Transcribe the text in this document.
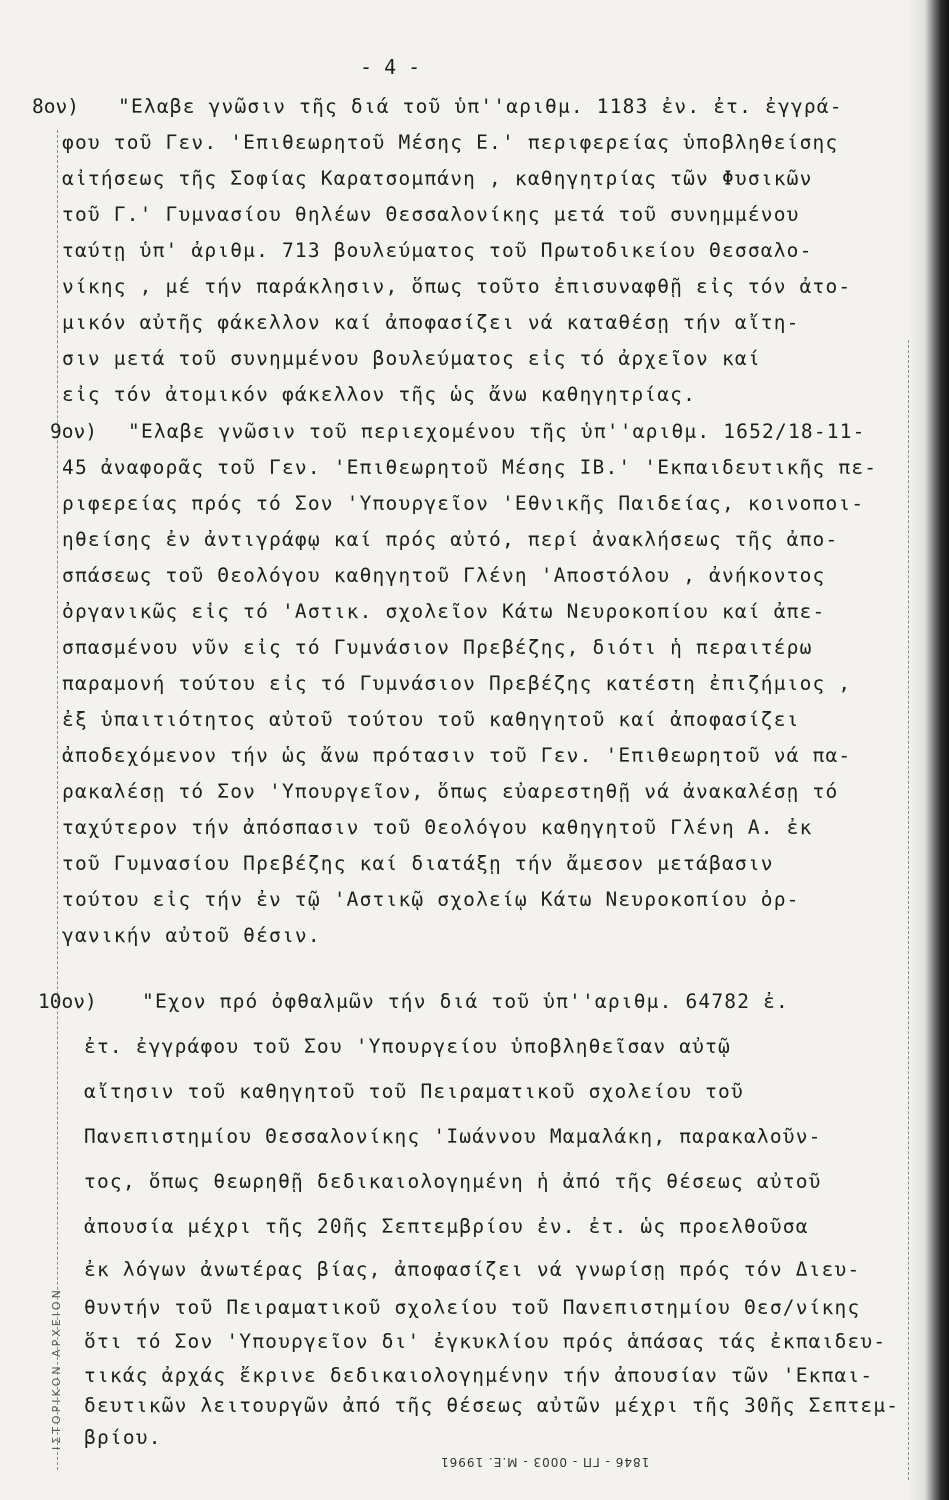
- 4 -
8ον) "Ελαβε γνῶσιν τῆς διά τοῦ ὑπ''αριθμ. 1183 ἐν. ἐτ. ἐγγρά-
φου τοῦ Γεν. 'Επιθεωρητοῦ Μέσης Ε.' περιφερείας ὑποβληθείσης
αἰτήσεως τῆς Σοφίας Καρατσομπάνη , καθηγητρίας τῶν Φυσικῶν
τοῦ Γ.' Γυμνασίου θηλέων Θεσσαλονίκης μετά τοῦ συνημμένου
ταύτῃ ὑπ' ἀριθμ. 713 βουλεύματος τοῦ Πρωτοδικείου Θεσσαλο-
νίκης , μέ τήν παράκλησιν, ὅπως τοῦτο ἐπισυναφθῇ εἰς τόν ἀτο-
μικόν αὐτῆς φάκελλον καί ἀποφασίζει νά καταθέσῃ τήν αἴτη-
σιν μετά τοῦ συνημμένου βουλεύματος εἰς τό ἀρχεῖον καί
εἰς τόν ἀτομικόν φάκελλον τῆς ὡς ἄνω καθηγητρίας.
9ον) "Ελαβε γνῶσιν τοῦ περιεχομένου τῆς ὑπ''αριθμ. 1652/18-11-
45 ἀναφορᾶς τοῦ Γεν. 'Επιθεωρητοῦ Μέσης ΙΒ.' 'Εκπαιδευτικῆς πε-
ριφερείας πρός τό Σον 'Υπουργεῖον 'Εθνικῆς Παιδείας, κοινοποι-
ηθείσης ἐν ἀντιγράφῳ καί πρός αὐτό, περί ἀνακλήσεως τῆς ἀπο-
σπάσεως τοῦ Θεολόγου καθηγητοῦ Γλένη 'Αποστόλου , ἀνήκοντος
ὀργανικῶς εἰς τό 'Αστικ. σχολεῖον Κάτω Νευροκοπίου καί ἀπε-
σπασμένου νῦν εἰς τό Γυμνάσιον Πρεβέζης, διότι ἡ περαιτέρω
παραμονή τούτου εἰς τό Γυμνάσιον Πρεβέζης κατέστη ἐπιζήμιος ,
ἐξ ὑπαιτιότητος αὐτοῦ τούτου τοῦ καθηγητοῦ καί ἀποφασίζει
ἀποδεχόμενον τήν ὡς ἄνω πρότασιν τοῦ Γεν. 'Επιθεωρητοῦ νά πα-
ρακαλέσῃ τό Σον 'Υπουργεῖον, ὅπως εὐαρεστηθῇ νά ἀνακαλέσῃ τό
ταχύτερον τήν ἀπόσπασιν τοῦ Θεολόγου καθηγητοῦ Γλένη Α. ἐκ
τοῦ Γυμνασίου Πρεβέζης καί διατάξῃ τήν ἄμεσον μετάβασιν
τούτου εἰς τήν ἐν τῷ 'Αστικῷ σχολείῳ Κάτω Νευροκοπίου ὀρ-
γανικήν αὐτοῦ θέσιν.
10ον) "Εχον πρό ὀφθαλμῶν τήν διά τοῦ ὑπ''αριθμ. 64782 ἐ.
ἐτ. ἐγγράφου τοῦ Σου 'Υπουργείου ὑποβληθεῖσαν αὐτῷ
αἴτησιν τοῦ καθηγητοῦ τοῦ Πειραματικοῦ σχολείου τοῦ
Πανεπιστημίου Θεσσαλονίκης 'Ιωάννου Μαμαλάκη, παρακαλοῦν-
τος, ὅπως θεωρηθῇ δεδικαιολογημένη ἡ ἀπό τῆς θέσεως αὐτοῦ
ἀπουσία μέχρι τῆς 20ῆς Σεπτεμβρίου ἐν. ἐτ. ὡς προελθοῦσα
ἐκ λόγων ἀνωτέρας βίας, ἀποφασίζει νά γνωρίσῃ πρός τόν Διευ-
θυντήν τοῦ Πειραματικοῦ σχολείου τοῦ Πανεπιστημίου Θεσ/νίκης
ὅτι τό Σον 'Υπουργεῖον δι' ἐγκυκλίου πρός ἁπάσας τάς ἐκπαιδευ-
τικάς ἀρχάς ἔκρινε δεδικαιολογημένην τήν ἀπουσίαν τῶν 'Εκπαι-
δευτικῶν λειτουργῶν ἀπό τῆς θέσεως αὐτῶν μέχρι τῆς 30ῆς Σεπτεμ-
βρίου.
ΙΣΤΟΡΙΚΟΝ ΑΡΧΕΙΟΝ
1846 - ΓΠ - 0003 - Μ.Ε. 19961
